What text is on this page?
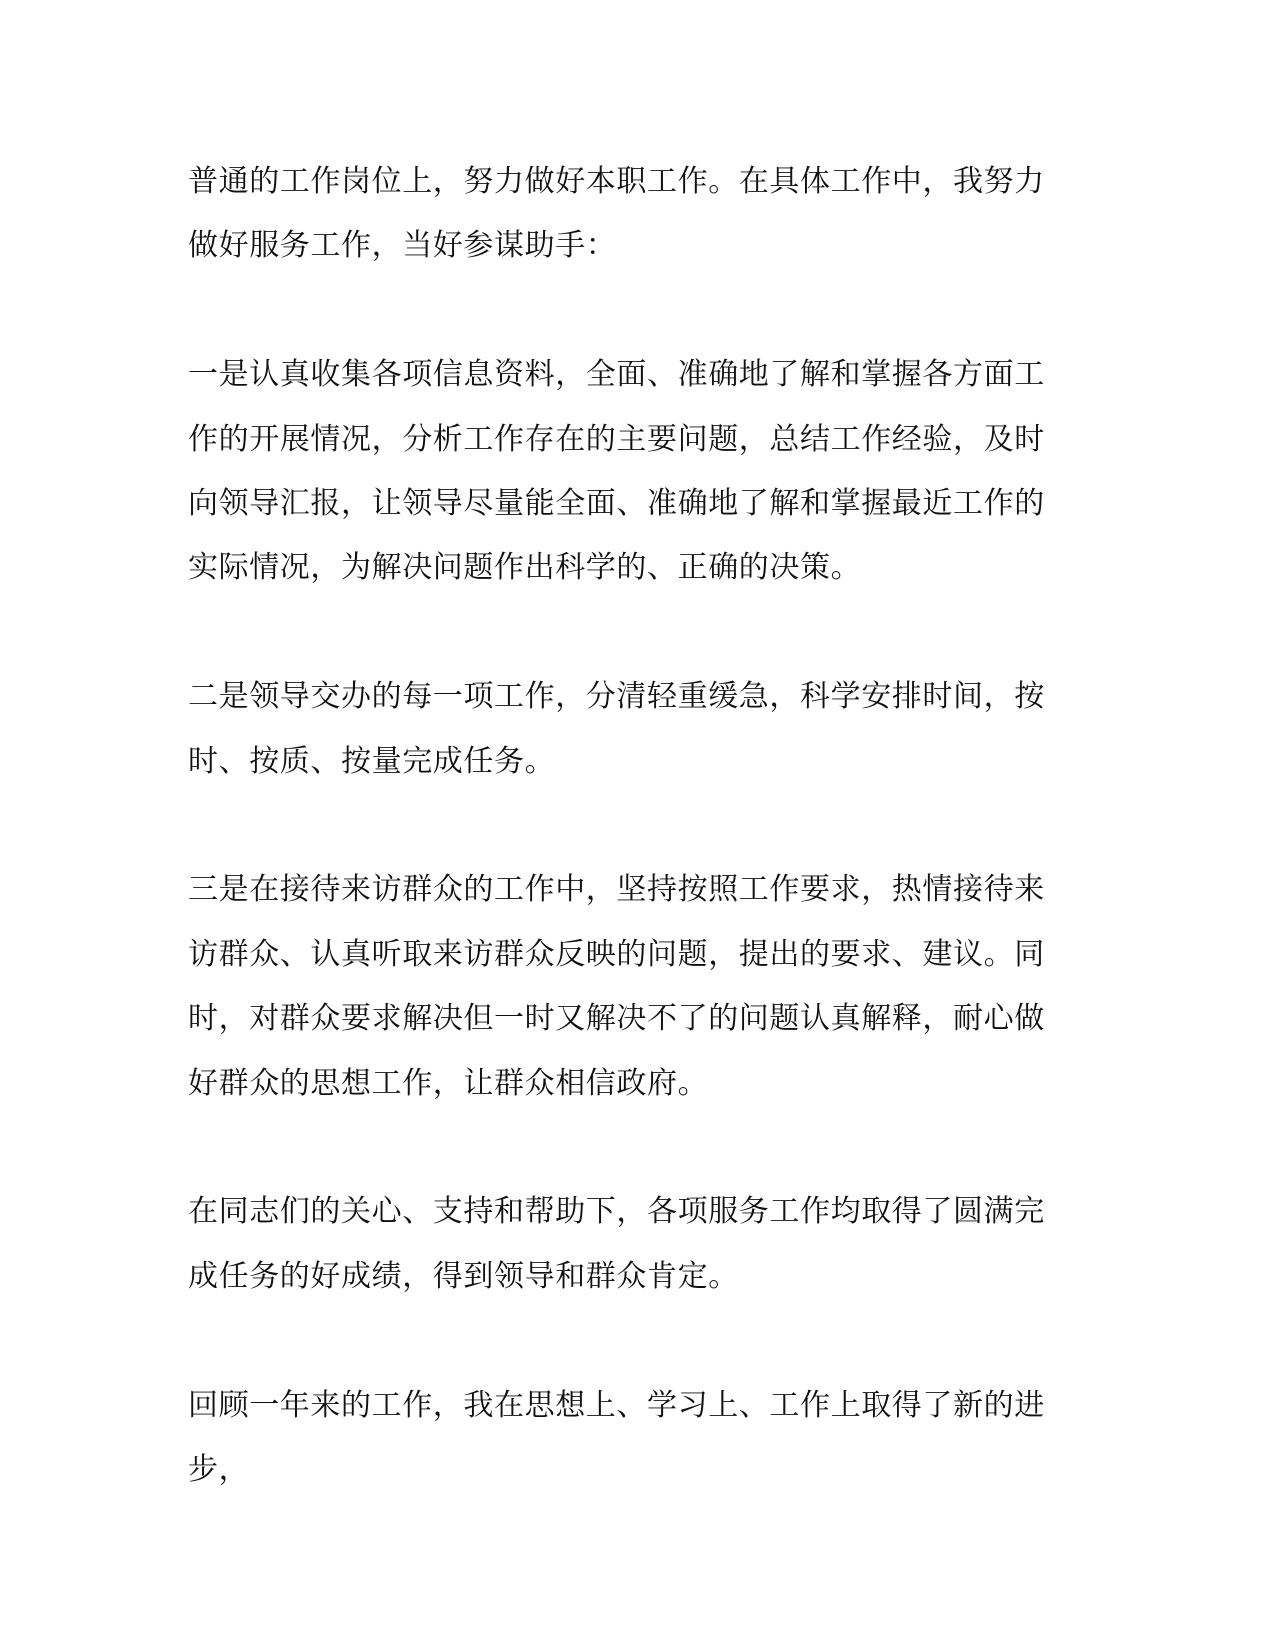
普通的工作岗位上，努力做好本职工作。在具体工作中，我努力做好服务工作，当好参谋助手：

一是认真收集各项信息资料，全面、准确地了解和掌握各方面工作的开展情况，分析工作存在的主要问题，总结工作经验，及时向领导汇报，让领导尽量能全面、准确地了解和掌握最近工作的实际情况，为解决问题作出科学的、正确的决策。

二是领导交办的每一项工作，分清轻重缓急，科学安排时间，按时、按质、按量完成任务。

三是在接待来访群众的工作中，坚持按照工作要求，热情接待来访群众、认真听取来访群众反映的问题，提出的要求、建议。同时，对群众要求解决但一时又解决不了的问题认真解释，耐心做好群众的思想工作，让群众相信政府。

在同志们的关心、支持和帮助下，各项服务工作均取得了圆满完成任务的好成绩，得到领导和群众肯定。

回顾一年来的工作，我在思想上、学习上、工作上取得了新的进步，
